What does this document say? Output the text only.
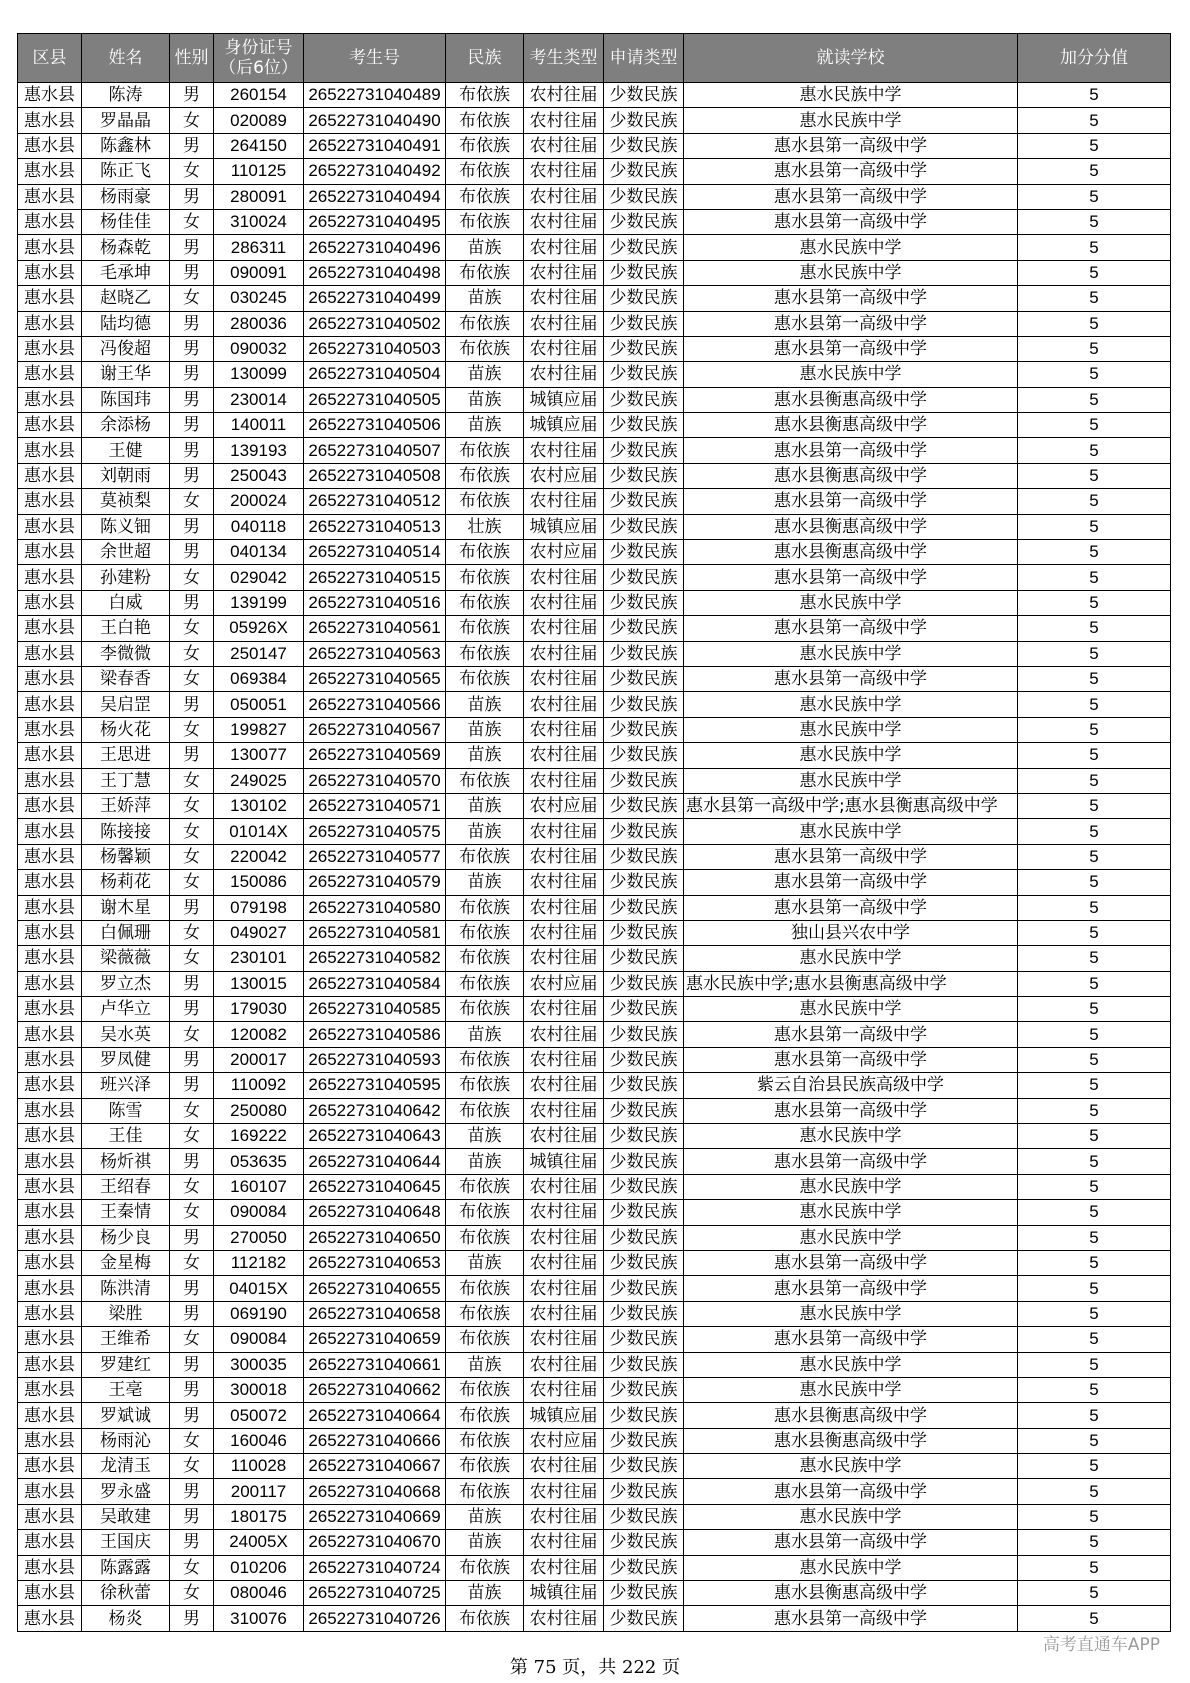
区县	姓名	性别	身份证号
（后6位）	考生号	民族	考生类型	申请类型	就读学校	加分分值
惠水县	陈涛	男	260154	26522731040489	布依族	农村往届	少数民族	惠水民族中学	5
惠水县	罗晶晶	女	020089	26522731040490	布依族	农村往届	少数民族	惠水民族中学	5
惠水县	陈鑫林	男	264150	26522731040491	布依族	农村往届	少数民族	惠水县第一高级中学	5
惠水县	陈正飞	女	110125	26522731040492	布依族	农村往届	少数民族	惠水县第一高级中学	5
惠水县	杨雨豪	男	280091	26522731040494	布依族	农村往届	少数民族	惠水县第一高级中学	5
惠水县	杨佳佳	女	310024	26522731040495	布依族	农村往届	少数民族	惠水县第一高级中学	5
惠水县	杨森乾	男	286311	26522731040496	苗族	农村往届	少数民族	惠水民族中学	5
惠水县	毛承坤	男	090091	26522731040498	布依族	农村往届	少数民族	惠水民族中学	5
惠水县	赵晓乙	女	030245	26522731040499	苗族	农村往届	少数民族	惠水县第一高级中学	5
惠水县	陆均德	男	280036	26522731040502	布依族	农村往届	少数民族	惠水县第一高级中学	5
惠水县	冯俊超	男	090032	26522731040503	布依族	农村往届	少数民族	惠水县第一高级中学	5
惠水县	谢王华	男	130099	26522731040504	苗族	农村往届	少数民族	惠水民族中学	5
惠水县	陈国玮	男	230014	26522731040505	苗族	城镇应届	少数民族	惠水县衡惠高级中学	5
惠水县	余添杨	男	140011	26522731040506	苗族	城镇应届	少数民族	惠水县衡惠高级中学	5
惠水县	王健	男	139193	26522731040507	布依族	农村往届	少数民族	惠水县第一高级中学	5
惠水县	刘朝雨	男	250043	26522731040508	布依族	农村应届	少数民族	惠水县衡惠高级中学	5
惠水县	莫祯梨	女	200024	26522731040512	布依族	农村往届	少数民族	惠水县第一高级中学	5
惠水县	陈义钿	男	040118	26522731040513	壮族	城镇应届	少数民族	惠水县衡惠高级中学	5
惠水县	余世超	男	040134	26522731040514	布依族	农村应届	少数民族	惠水县衡惠高级中学	5
惠水县	孙建粉	女	029042	26522731040515	布依族	农村往届	少数民族	惠水县第一高级中学	5
惠水县	白威	男	139199	26522731040516	布依族	农村往届	少数民族	惠水民族中学	5
惠水县	王白艳	女	05926X	26522731040561	布依族	农村往届	少数民族	惠水县第一高级中学	5
惠水县	李微微	女	250147	26522731040563	布依族	农村往届	少数民族	惠水民族中学	5
惠水县	梁春香	女	069384	26522731040565	布依族	农村往届	少数民族	惠水县第一高级中学	5
惠水县	吴启罡	男	050051	26522731040566	苗族	农村往届	少数民族	惠水民族中学	5
惠水县	杨火花	女	199827	26522731040567	苗族	农村往届	少数民族	惠水民族中学	5
惠水县	王思进	男	130077	26522731040569	苗族	农村往届	少数民族	惠水民族中学	5
惠水县	王丁慧	女	249025	26522731040570	布依族	农村往届	少数民族	惠水民族中学	5
惠水县	王娇萍	女	130102	26522731040571	苗族	农村应届	少数民族	惠水县第一高级中学;惠水县衡惠高级中学	5
惠水县	陈接接	女	01014X	26522731040575	苗族	农村往届	少数民族	惠水民族中学	5
惠水县	杨馨颖	女	220042	26522731040577	布依族	农村往届	少数民族	惠水县第一高级中学	5
惠水县	杨莉花	女	150086	26522731040579	苗族	农村往届	少数民族	惠水县第一高级中学	5
惠水县	谢木星	男	079198	26522731040580	布依族	农村往届	少数民族	惠水县第一高级中学	5
惠水县	白佩珊	女	049027	26522731040581	布依族	农村往届	少数民族	独山县兴农中学	5
惠水县	梁薇薇	女	230101	26522731040582	布依族	农村往届	少数民族	惠水民族中学	5
惠水县	罗立杰	男	130015	26522731040584	布依族	农村应届	少数民族	惠水民族中学;惠水县衡惠高级中学	5
惠水县	卢华立	男	179030	26522731040585	布依族	农村往届	少数民族	惠水民族中学	5
惠水县	吴水英	女	120082	26522731040586	苗族	农村往届	少数民族	惠水县第一高级中学	5
惠水县	罗凤健	男	200017	26522731040593	布依族	农村往届	少数民族	惠水县第一高级中学	5
惠水县	班兴泽	男	110092	26522731040595	布依族	农村往届	少数民族	紫云自治县民族高级中学	5
惠水县	陈雪	女	250080	26522731040642	布依族	农村往届	少数民族	惠水县第一高级中学	5
惠水县	王佳	女	169222	26522731040643	苗族	农村往届	少数民族	惠水民族中学	5
惠水县	杨炘祺	男	053635	26522731040644	苗族	城镇往届	少数民族	惠水县第一高级中学	5
惠水县	王绍春	女	160107	26522731040645	布依族	农村往届	少数民族	惠水民族中学	5
惠水县	王秦情	女	090084	26522731040648	布依族	农村往届	少数民族	惠水民族中学	5
惠水县	杨少良	男	270050	26522731040650	布依族	农村往届	少数民族	惠水民族中学	5
惠水县	金星梅	女	112182	26522731040653	苗族	农村往届	少数民族	惠水县第一高级中学	5
惠水县	陈洪清	男	04015X	26522731040655	布依族	农村往届	少数民族	惠水县第一高级中学	5
惠水县	梁胜	男	069190	26522731040658	布依族	农村往届	少数民族	惠水民族中学	5
惠水县	王维希	女	090084	26522731040659	布依族	农村往届	少数民族	惠水县第一高级中学	5
惠水县	罗建红	男	300035	26522731040661	苗族	农村往届	少数民族	惠水民族中学	5
惠水县	王亳	男	300018	26522731040662	布依族	农村往届	少数民族	惠水民族中学	5
惠水县	罗斌诚	男	050072	26522731040664	布依族	城镇应届	少数民族	惠水县衡惠高级中学	5
惠水县	杨雨沁	女	160046	26522731040666	布依族	农村应届	少数民族	惠水县衡惠高级中学	5
惠水县	龙清玉	女	110028	26522731040667	布依族	农村往届	少数民族	惠水民族中学	5
惠水县	罗永盛	男	200117	26522731040668	布依族	农村往届	少数民族	惠水县第一高级中学	5
惠水县	吴敢建	男	180175	26522731040669	苗族	农村往届	少数民族	惠水民族中学	5
惠水县	王国庆	男	24005X	26522731040670	苗族	农村往届	少数民族	惠水县第一高级中学	5
惠水县	陈露露	女	010206	26522731040724	布依族	农村往届	少数民族	惠水民族中学	5
惠水县	徐秋蕾	女	080046	26522731040725	苗族	城镇往届	少数民族	惠水县衡惠高级中学	5
惠水县	杨炎	男	310076	26522731040726	布依族	农村往届	少数民族	惠水县第一高级中学	5
第 75 页，共 222 页
高考直通车APP
